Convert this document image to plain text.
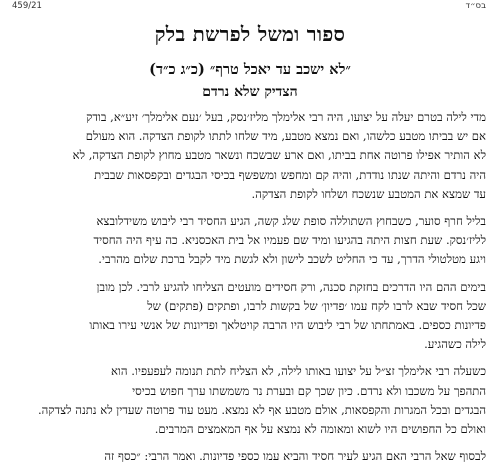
459/21	בס״ד
ספור ומשל לפרשת בלק
״לא ישכב עד יאכל טרף״ (כ״ג כ״ד)
הצדיק שלא נרדם
מדי לילה בטרם יעלה על יצועו, היה רבי אלימלך מליז׳נסק, בעל ׳נעם אלימלך׳ זיע״א, בודק
אם יש בביתו מטבע כלשהו, ואם נמצא מטבע, מיד שלחו לתתו לקופת הצדקה. הוא מעולם
לא הותיר אפילו פרוטה אחת בביתו, ואם ארע שבשכח ונשאר מטבע מחוץ לקופת הצדקה, לא
היה נרדם והיתה שנתו נודדת, והיה קם ומחפש ומשפשף בכיסי הבגדים ובקפסאות שבבית
עד שמצא את המטבע שנשכח ושלחו לקופת הצדקה.
בליל חרף סוער, כשבחוץ השתוללה סופת שלג קשה, הגיע החסיד רבי ליבוש משידלובצא
לליז׳נסק. שעת חצות היתה בהגיעו ומיד שם פעמיו אל בית האכסניא. כה עיף היה החסיד
ויגע מטלטולי הדרך, עד כי החליט לשכב לישון ולא לגשת מיד לקבל ברכת שלום מהרבי.
בימים ההם היו הדרכים בחזקת סכנה, ורק חסידים מועטים הצליחו להגיע לרבי. לכן מובן
שכל חסיד שבא לרבו לקח עמו ׳פדיון׳ של בקשות לרבו, ופתקים (פתקים) של
פדיונות כספים. באמתחתו של רבי ליבוש היו הרבה קויטלאך ופדיונות של אנשי עירו באותו
לילה כשהגיע.
כשעלה רבי אלימלך זצ״ל על יצועו באותו לילה, לא הצליח לתת תנומה לעפעפיו. הוא
התהפך על משכבו ולא נרדם. כיון שכך קם ובערת נר משמשתו ערך חפוש בכיסי
הבגדים ובכל המגרות והקפסאות, אולם מטבע אף לא נמצא. מעט עוד פרוטה שעדין לא נתנה לצדקה.
ואולם כל החפושים היו לשוא ומאומה לא נמצא על אף המאמצים המרבים.
לבסוף שאל הרבי האם הגיע לעיר חסיד והביא עמו כספי פדיונות. ואמר הרבי: ״כסף זה
